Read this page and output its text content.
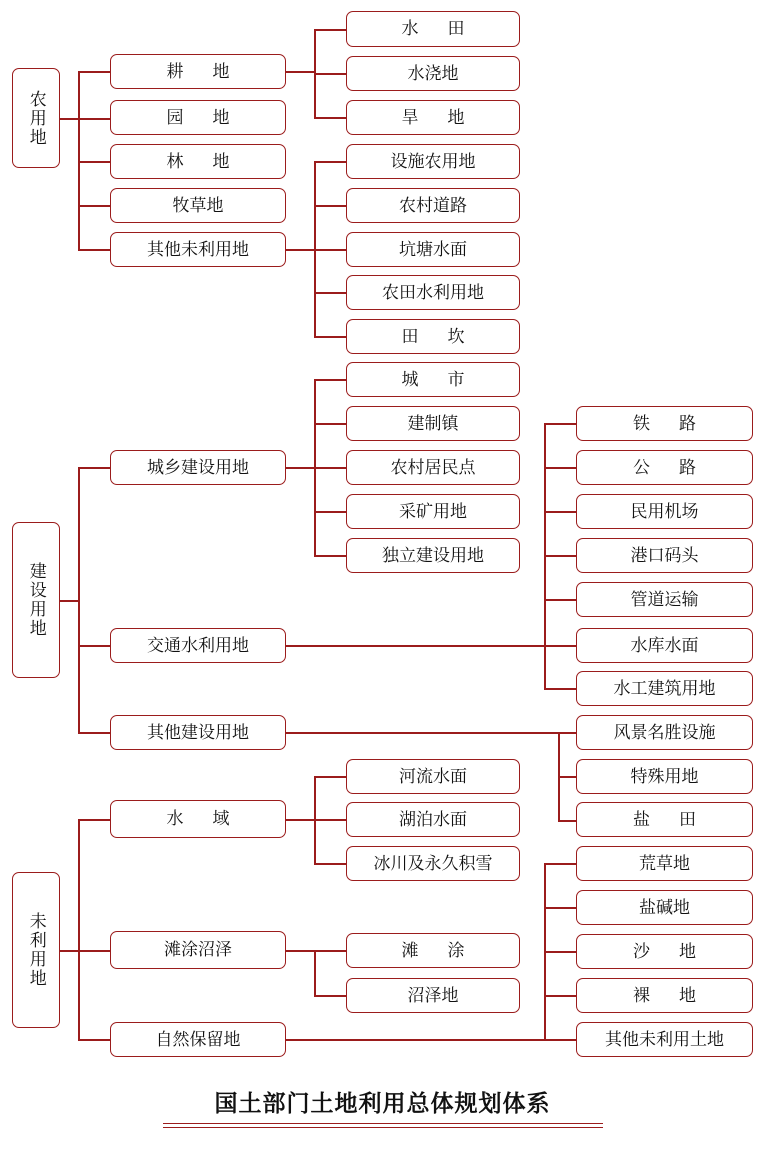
农用地
建设用地
未利用地
耕　地
园　地
林　地
牧草地
其他未利用地
城乡建设用地
交通水利用地
其他建设用地
水　域
滩涂沼泽
自然保留地
水　田
水浇地
旱　地
设施农用地
农村道路
坑塘水面
农田水利用地
田　坎
城　市
建制镇
农村居民点
采矿用地
独立建设用地
河流水面
湖泊水面
冰川及永久积雪
滩　涂
沼泽地
铁　路
公　路
民用机场
港口码头
管道运输
水库水面
水工建筑用地
风景名胜设施
特殊用地
盐　田
荒草地
盐碱地
沙　地
裸　地
其他未利用土地
国土部门土地利用总体规划体系
